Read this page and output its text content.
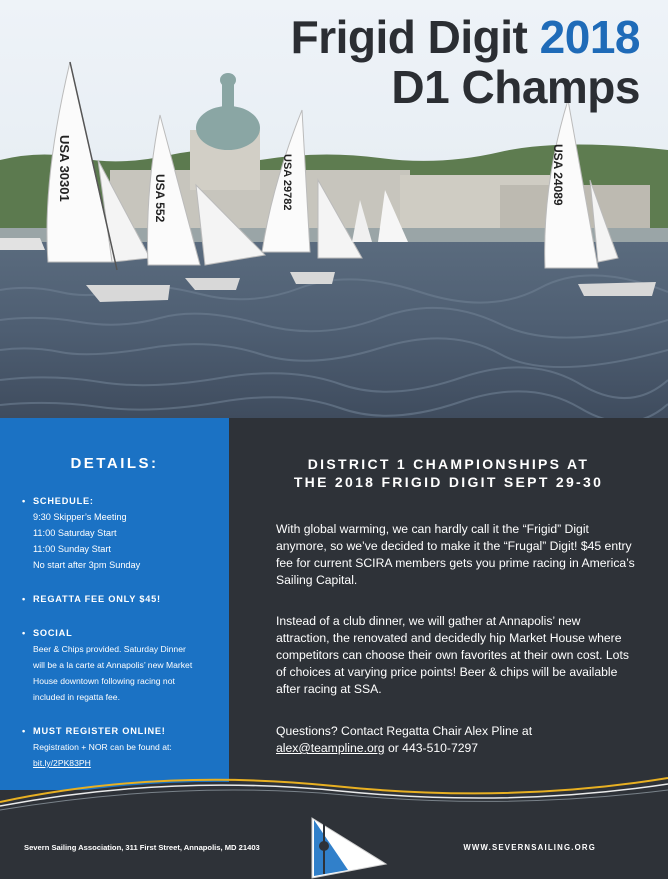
USA 30301	USA 552	USA 29782	USA 24089
Frigid Digit 2018
D1 Champs
DETAILS:
• SCHEDULE:
9:30 Skipper’s Meeting
11:00 Saturday Start
11:00 Sunday Start
No start after 3pm Sunday
• REGATTA FEE ONLY $45!
• SOCIAL
Beer & Chips provided. Saturday Dinner
will be a la carte at Annapolis’ new Market
House downtown following racing not
included in regatta fee.
• MUST REGISTER ONLINE!
Registration + NOR can be found at:
bit.ly/2PK83PH
DISTRICT 1 CHAMPIONSHIPS AT
THE 2018 FRIGID DIGIT SEPT 29-30
With global warming, we can hardly call it the “Frigid” Digit anymore, so we’ve decided to make it the “Frugal” Digit! $45 entry fee for current SCIRA members gets you prime racing in America’s Sailing Capital.
Instead of a club dinner, we will gather at Annapolis’ new attraction, the renovated and decidedly hip Market House where competitors can choose their own favorites at their own cost. Lots of choices at varying price points! Beer & chips will be available after racing at SSA.
Questions? Contact Regatta Chair Alex Pline at
alex@teampline.org or 443-510-7297
Severn Sailing Association, 311 First Street, Annapolis, MD 21403	WWW.SEVERNSAILING.ORG
